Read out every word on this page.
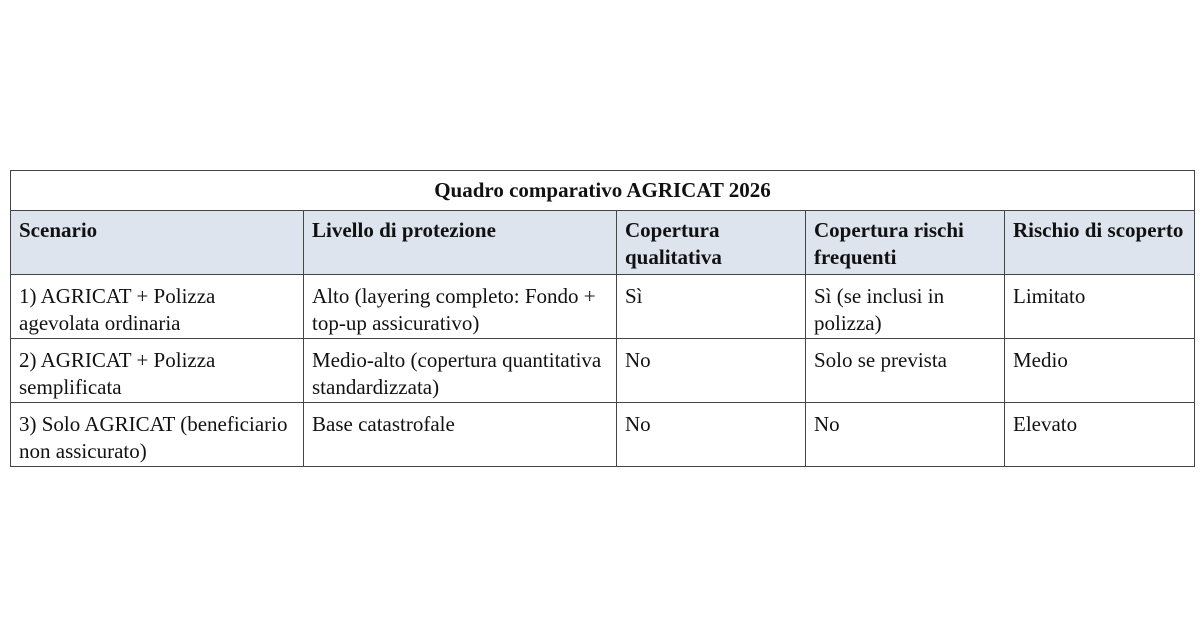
Quadro comparativo AGRICAT 2026				
Scenario	Livello di protezione	Copertura qualitativa	Copertura rischi frequenti	Rischio di scoperto
1) AGRICAT + Polizza agevolata ordinaria	Alto (layering completo: Fondo + top-up assicurativo)	Sì	Sì (se inclusi in polizza)	Limitato
2) AGRICAT + Polizza semplificata	Medio-alto (copertura quantitativa standardizzata)	No	Solo se prevista	Medio
3) Solo AGRICAT (beneficiario non assicurato)	Base catastrofale	No	No	Elevato
